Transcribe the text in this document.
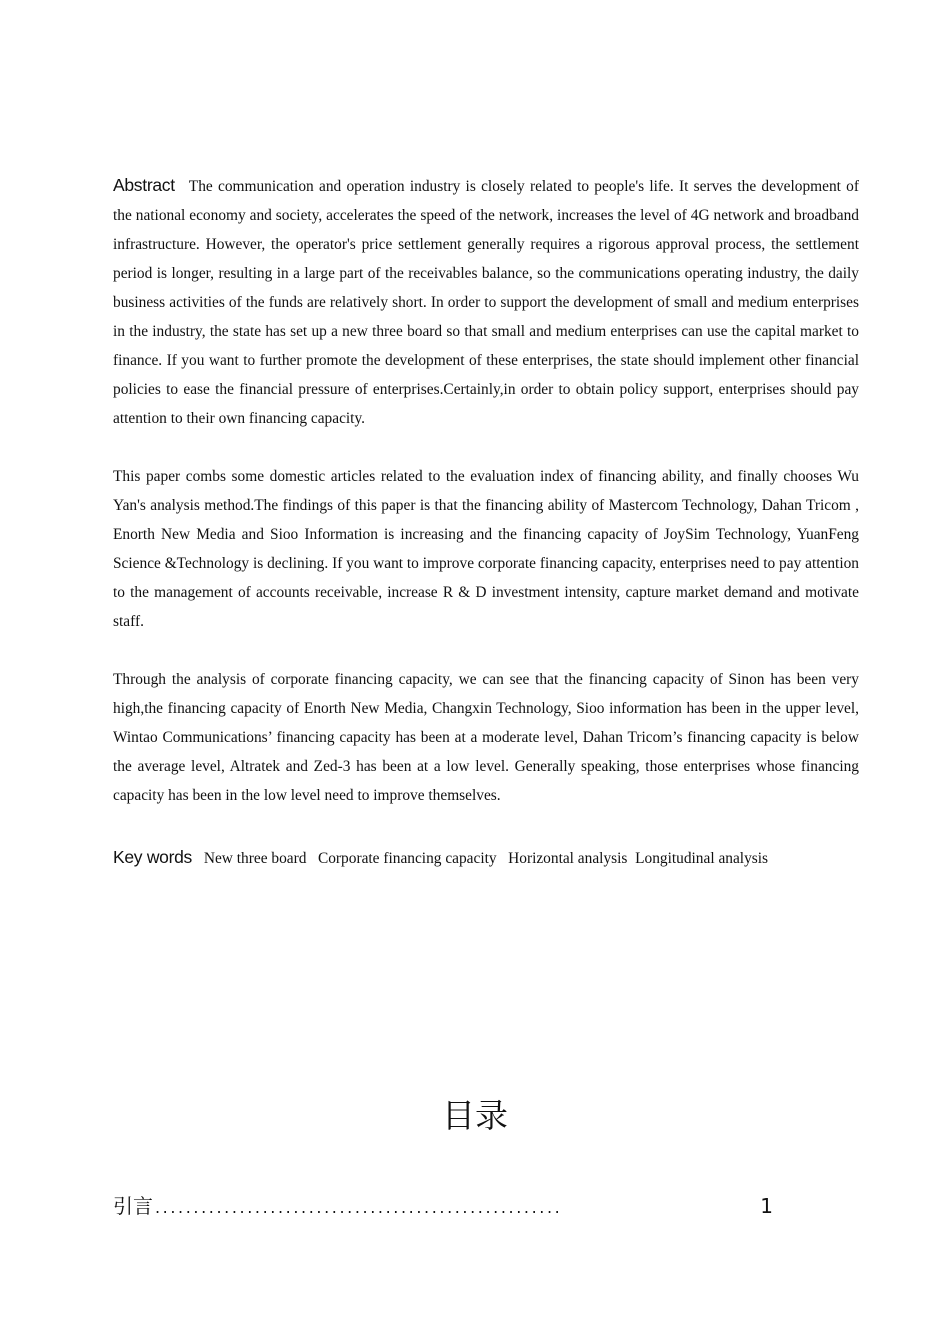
Abstract The communication and operation industry is closely related to people's life. It serves the development of the national economy and society, accelerates the speed of the network, increases the level of 4G network and broadband infrastructure. However, the operator's price settlement generally requires a rigorous approval process, the settlement period is longer, resulting in a large part of the receivables balance, so the communications operating industry, the daily business activities of the funds are relatively short. In order to support the development of small and medium enterprises in the industry, the state has set up a new three board so that small and medium enterprises can use the capital market to finance. If you want to further promote the development of these enterprises, the state should implement other financial policies to ease the financial pressure of enterprises.Certainly,in order to obtain policy support, enterprises should pay attention to their own financing capacity.

This paper combs some domestic articles related to the evaluation index of financing ability, and finally chooses Wu Yan's analysis method.The findings of this paper is that the financing ability of Mastercom Technology, Dahan Tricom , Enorth New Media and Sioo Information is increasing and the financing capacity of JoySim Technology, YuanFeng Science &Technology is declining. If you want to improve corporate financing capacity, enterprises need to pay attention to the management of accounts receivable, increase R & D investment intensity, capture market demand and motivate staff.

Through the analysis of corporate financing capacity, we can see that the financing capacity of Sinon has been very high,the financing capacity of Enorth New Media, Changxin Technology, Sioo information has been in the upper level, Wintao Communications’ financing capacity has been at a moderate level, Dahan Tricom’s financing capacity is below the average level, Altratek and Zed-3 has been at a low level. Generally speaking, those enterprises whose financing capacity has been in the low level need to improve themselves.

Key words New three board Corporate financing capacity Horizontal analysis Longitudinal analysis
目录
引言 .....................................................	1
